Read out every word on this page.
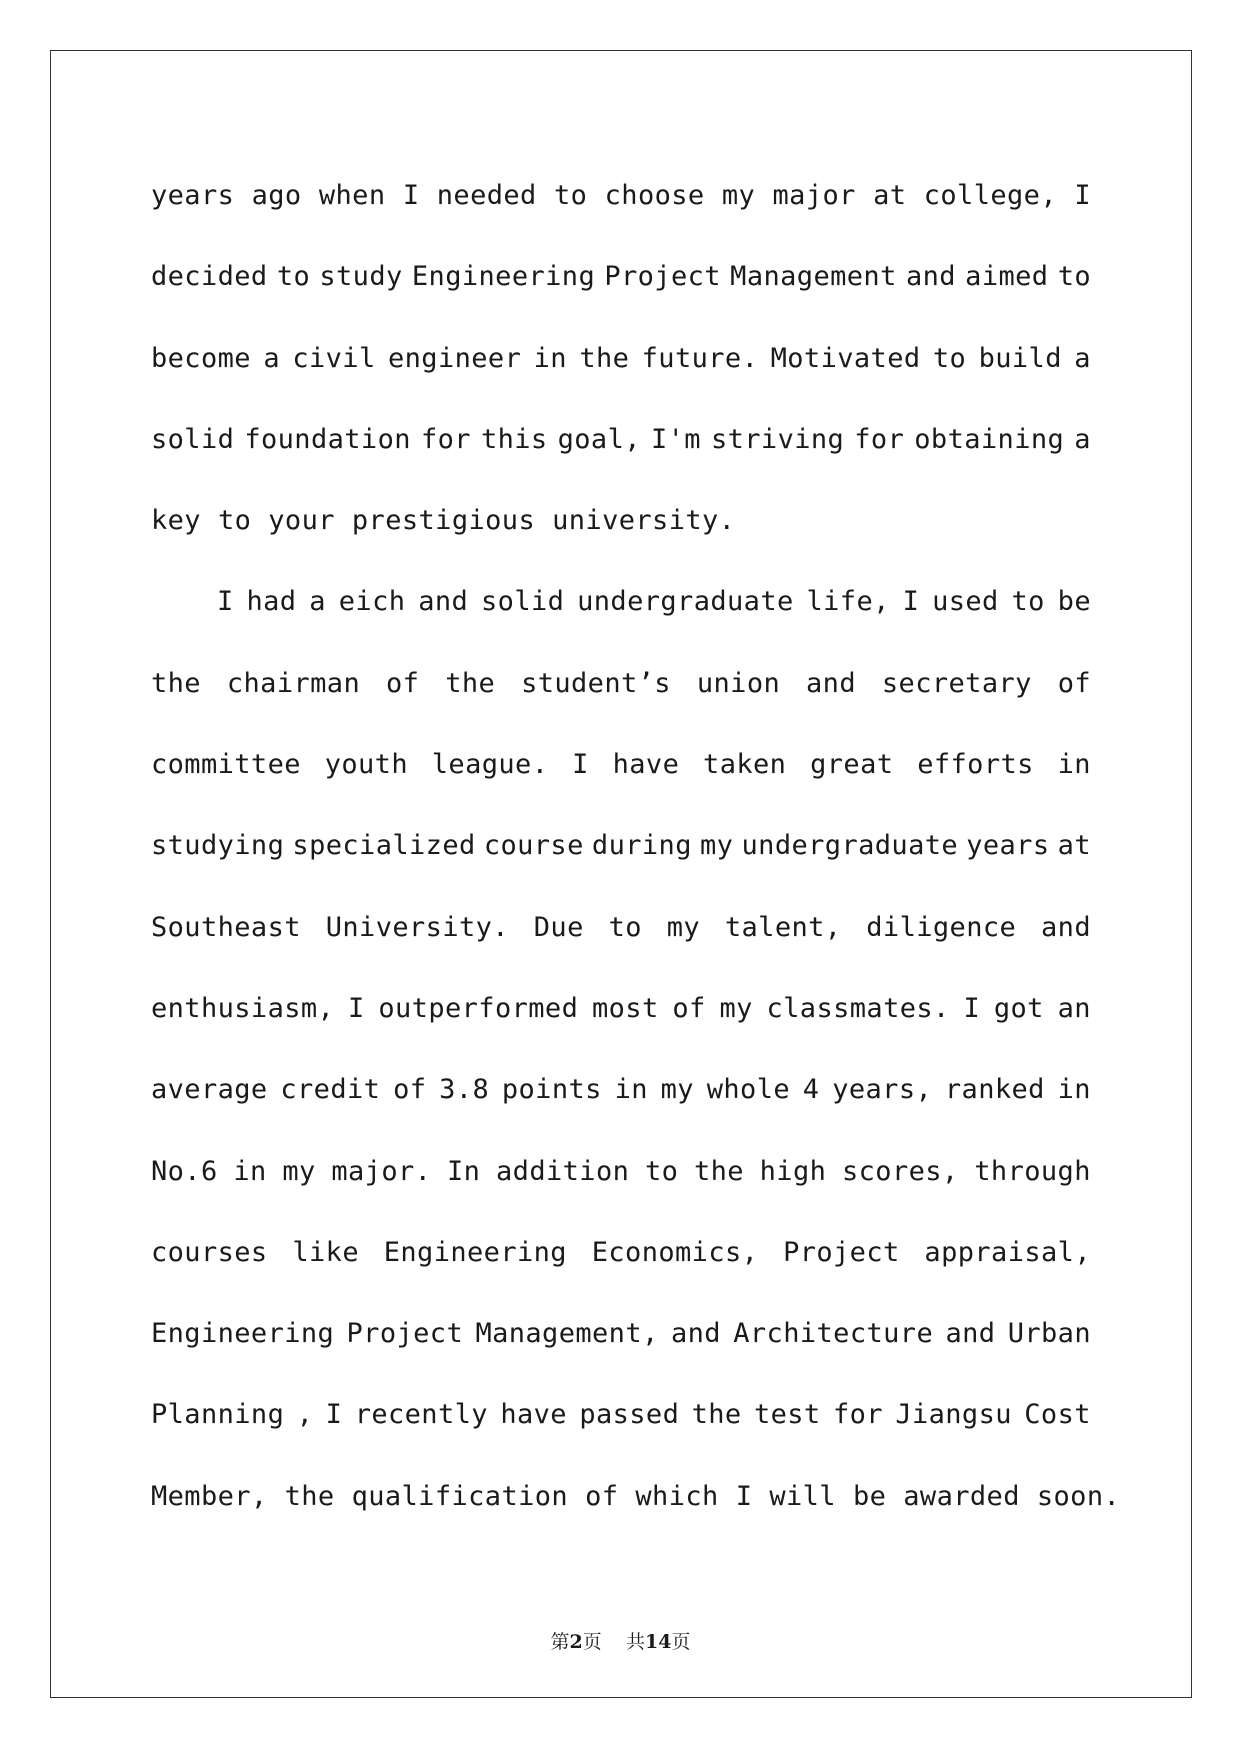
years ago when I needed to choose my major at college, I
decided to study Engineering Project Management and aimed to
become a civil engineer in the future. Motivated to build a
solid foundation for this goal, I'm striving for obtaining a
key to your prestigious university.
I had a eich and solid undergraduate life, I used to be
the chairman of the student’s union and secretary of
committee youth league. I have taken great efforts in
studying specialized course during my undergraduate years at
Southeast University. Due to my talent, diligence and
enthusiasm, I outperformed most of my classmates. I got an
average credit of 3.8 points in my whole 4 years, ranked in
No.6 in my major. In addition to the high scores, through
courses like Engineering Economics, Project appraisal,
Engineering Project Management, and Architecture and Urban
Planning , I recently have passed the test for Jiangsu Cost
Member, the qualification of which I will be awarded soon.
第2页 共14页
